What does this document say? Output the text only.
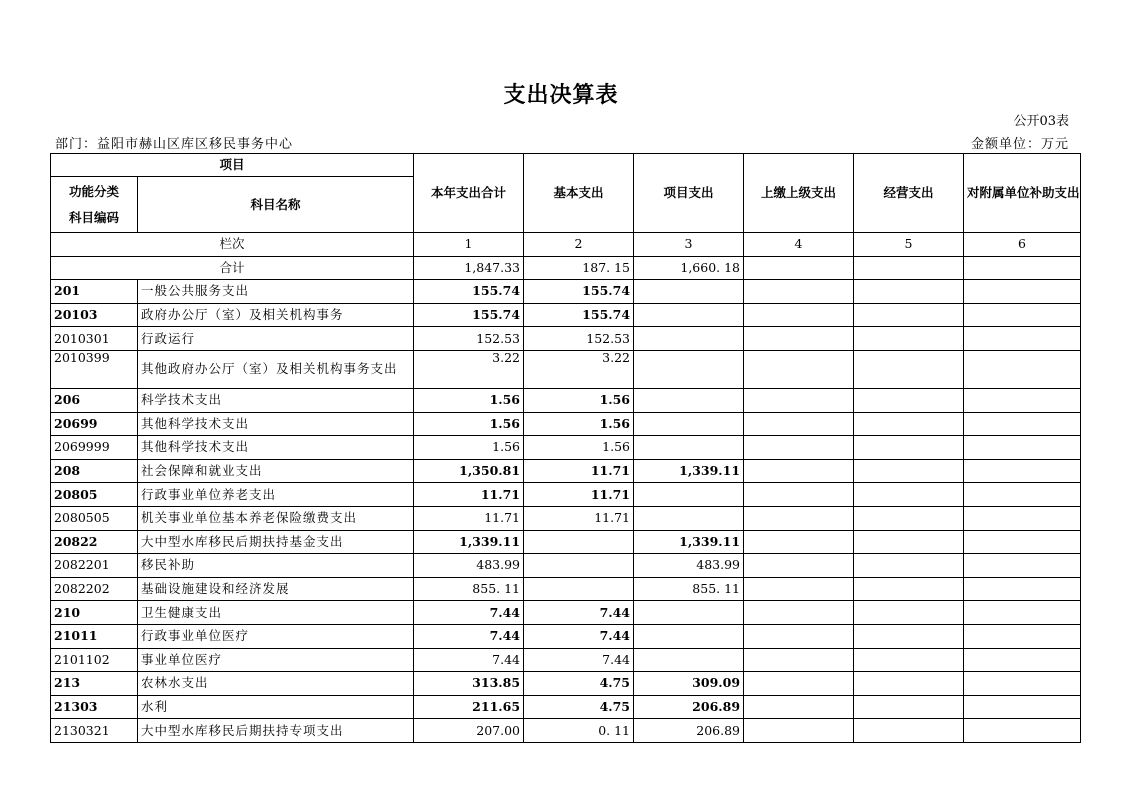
支出决算表
公开03表
部门：益阳市赫山区库区移民事务中心	金额单位：万元
项目		本年支出合计	基本支出	项目支出	上缴上级支出	经营支出	对附属单位补助支出
功能分类
科目编码	科目名称						
栏次		1	2	3	4	5	6
合计		1,847.33	187. 15	1,660. 18			
201	一般公共服务支出	155.74	155.74				
20103	政府办公厅（室）及相关机构事务	155.74	155.74				
2010301	行政运行	152.53	152.53				
2010399	其他政府办公厅（室）及相关机构事务支出	3.22	3.22				
206	科学技术支出	1.56	1.56				
20699	其他科学技术支出	1.56	1.56				
2069999	其他科学技术支出	1.56	1.56				
208	社会保障和就业支出	1,350.81	11.71	1,339.11			
20805	行政事业单位养老支出	11.71	11.71				
2080505	机关事业单位基本养老保险缴费支出	11.71	11.71				
20822	大中型水库移民后期扶持基金支出	1,339.11		1,339.11			
2082201	移民补助	483.99		483.99			
2082202	基础设施建设和经济发展	855. 11		855. 11			
210	卫生健康支出	7.44	7.44				
21011	行政事业单位医疗	7.44	7.44				
2101102	事业单位医疗	7.44	7.44				
213	农林水支出	313.85	4.75	309.09			
21303	水利	211.65	4.75	206.89			
2130321	大中型水库移民后期扶持专项支出	207.00	0. 11	206.89			
